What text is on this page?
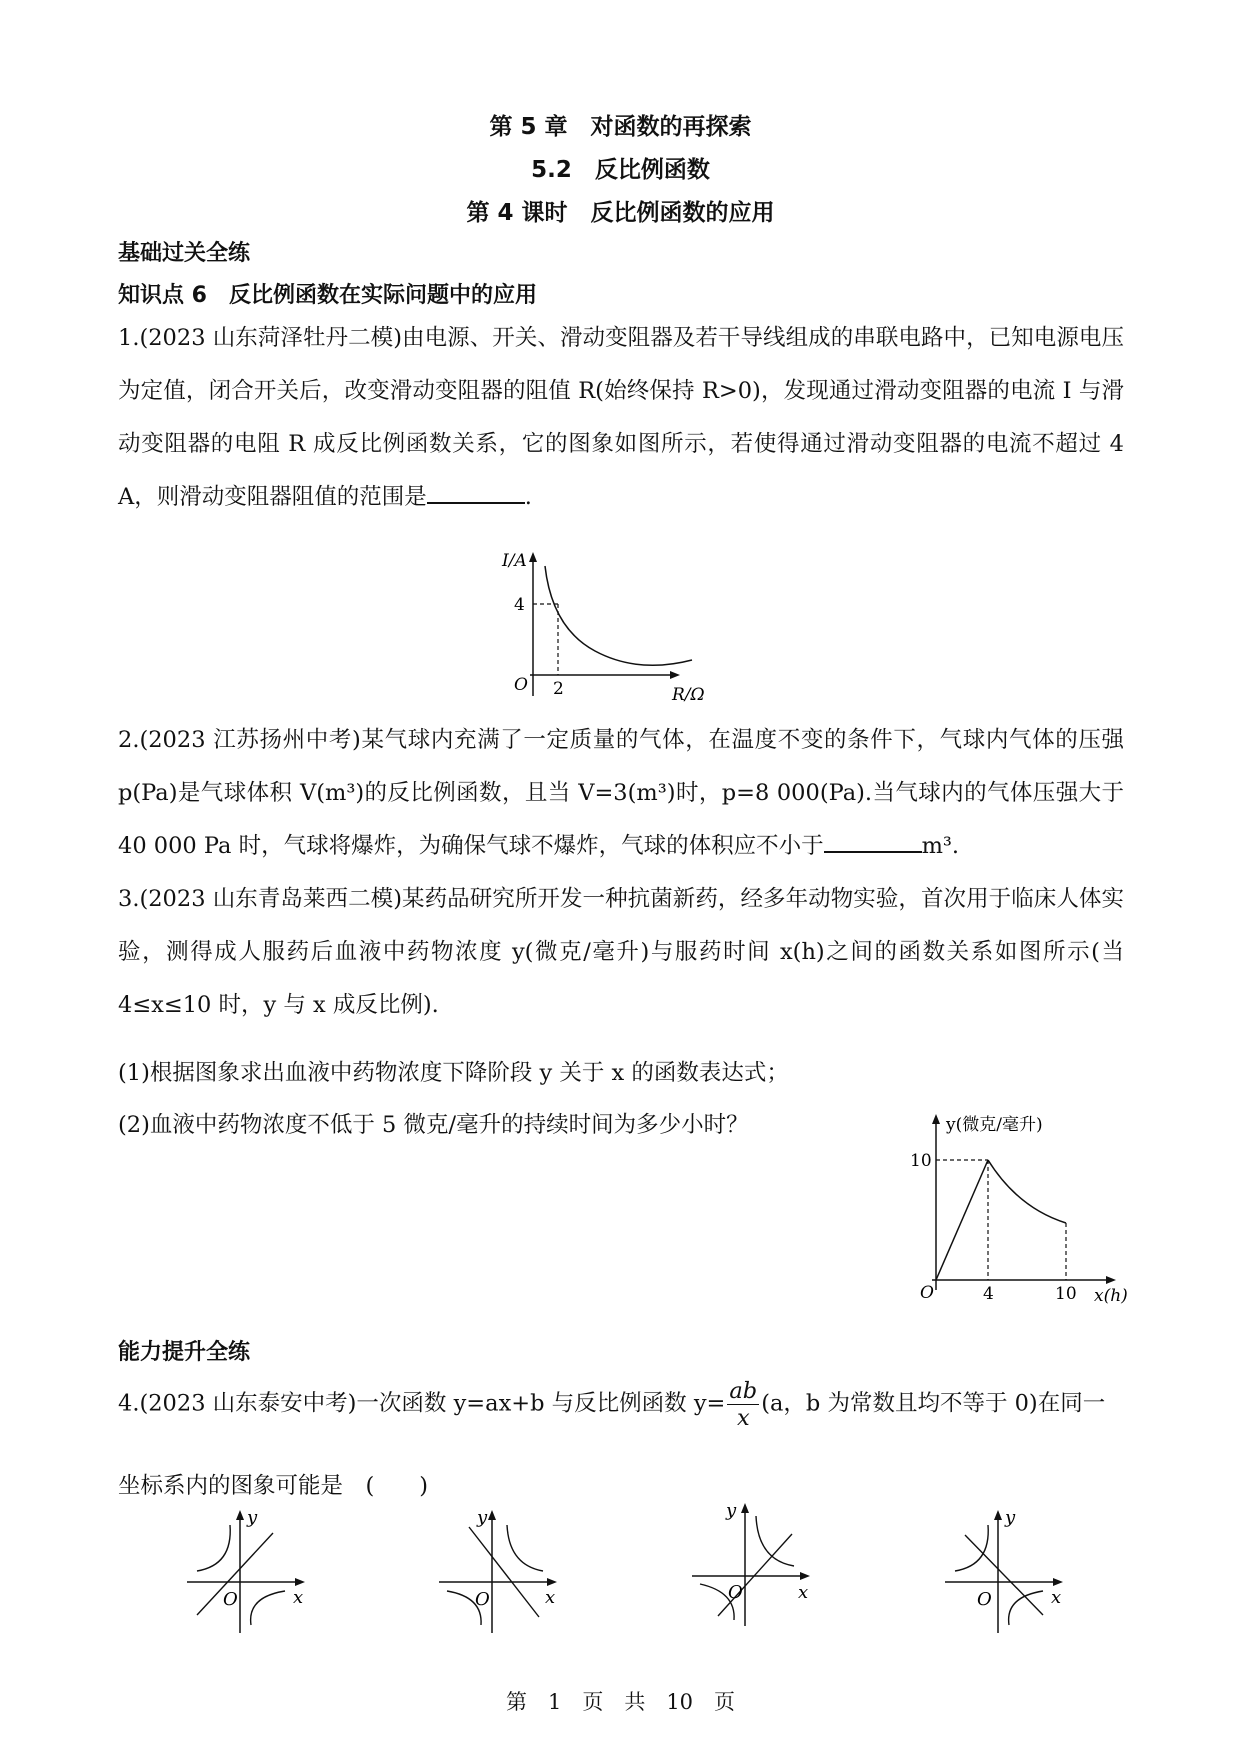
第 5 章　对函数的再探索
5.2　反比例函数
第 4 课时　反比例函数的应用
基础过关全练
知识点 6　反比例函数在实际问题中的应用
1.(2023 山东菏泽牡丹二模)由电源、开关、滑动变阻器及若干导线组成的串联电路中，已知电源电压为定值，闭合开关后，改变滑动变阻器的阻值 R(始终保持 R>0)，发现通过滑动变阻器的电流 I 与滑动变阻器的电阻 R 成反比例函数关系，它的图象如图所示，若使得通过滑动变阻器的电流不超过 4 A，则滑动变阻器阻值的范围是	.
I/A
4
O 2	R/Ω
2.(2023 江苏扬州中考)某气球内充满了一定质量的气体，在温度不变的条件下，气球内气体的压强 p(Pa)是气球体积 V(m³)的反比例函数，且当 V=3(m³)时，p=8 000(Pa).当气球内的气体压强大于 40 000 Pa 时，气球将爆炸，为确保气球不爆炸，气球的体积应不小于	m³.
3.(2023 山东青岛莱西二模)某药品研究所开发一种抗菌新药，经多年动物实验，首次用于临床人体实验，测得成人服药后血液中药物浓度 y(微克/毫升)与服药时间 x(h)之间的函数关系如图所示(当 4≤x≤10 时，y 与 x 成反比例).
(1)根据图象求出血液中药物浓度下降阶段 y 关于 x 的函数表达式；
(2)血液中药物浓度不低于 5 微克/毫升的持续时间为多少小时？	y(微克/毫升)
10
O	4	10 x(h)
能力提升全练
4.(2023 山东泰安中考)一次函数 y=ax+b 与反比例函数 $y= \frac{ab}{x} (a$，b 为常数且均不等于 0)在同一
坐标系内的图象可能是　(　　)
y
x
O
y
x
O
y
x
O
y
x
O
第　1　页　共　10　页
